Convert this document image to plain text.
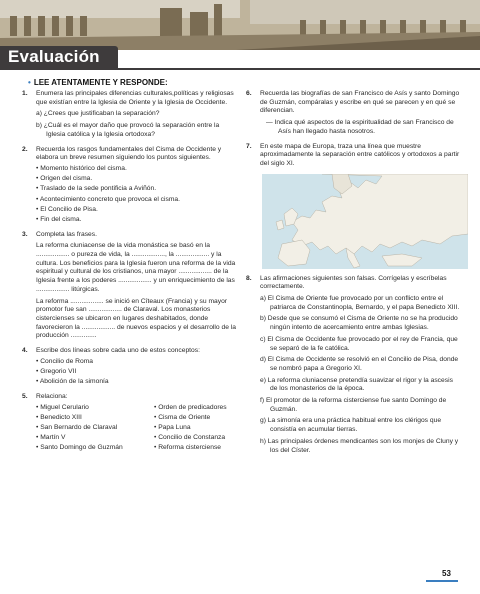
Evaluación
• LEE ATENTAMENTE Y RESPONDE:
1. Enumera las principales diferencias culturales,políticas y religiosas que existían entre la Iglesia de Oriente y la Iglesia de Occidente.
a) ¿Crees que justificaban la separación?
b) ¿Cuál es el mayor daño que provocó la separación entre la Iglesia católica y la Iglesia ortodoxa?
2. Recuerda los rasgos fundamentales del Cisma de Occidente y elabora un breve resumen siguiendo los puntos siguientes.
• Momento histórico del cisma.
• Origen del cisma.
• Traslado de la sede pontificia a Aviñón.
• Acontecimiento concreto que provoca el cisma.
• El Concilio de Pisa.
• Fin del cisma.
3. Completa las frases.
La reforma cluniacense de la vida monástica se basó en la .................. o pureza de vida, la .................., la .................. y la cultura. Los beneficios para la Iglesia fueron una reforma de la vida espiritual y cultural de los cristianos, una mayor .................. de la Iglesia frente a los poderes .................. y un enriquecimiento de las .................. litúrgicas.
La reforma .................. se inició en Cîteaux (Francia) y su mayor promotor fue san .................. de Claraval. Los monasterios cistercienses se ubicaron en lugares deshabitados, donde favorecieron la .................. de nuevos espacios y el desarrollo de la producción ..............
4. Escribe dos líneas sobre cada uno de estos conceptos:
• Concilio de Roma
• Gregorio VII
• Abolición de la simonía
5. Relaciona:
• Miguel Cerulario	• Orden de predicadores
• Benedicto XIII	• Cisma de Oriente
• San Bernardo de Claraval	• Papa Luna
• Martín V	• Concilio de Constanza
• Santo Domingo de Guzmán	• Reforma cisterciense
6. Recuerda las biografías de san Francisco de Asís y santo Domingo de Guzmán, compáralas y escribe en qué se parecen y en qué se diferencian.
— Indica qué aspectos de la espiritualidad de san Francisco de Asís han llegado hasta nosotros.
7. En este mapa de Europa, traza una línea que muestre aproximadamente la separación entre católicos y ortodoxos a partir del siglo XI.
8. Las afirmaciones siguientes son falsas. Corrígelas y escríbelas correctamente.
a) El Cisma de Oriente fue provocado por un conflicto entre el patriarca de Constantinopla, Bernardo, y el papa Benedicto XIII.
b) Desde que se consumó el Cisma de Oriente no se ha producido ningún intento de acercamiento entre ambas Iglesias.
c) El Cisma de Occidente fue provocado por el rey de Francia, que se separó de la fe católica.
d) El Cisma de Occidente se resolvió en el Concilio de Pisa, donde se nombró papa a Gregorio XI.
e) La reforma cluniacense pretendía suavizar el rigor y la ascesis de los monasterios de la época.
f) El promotor de la reforma cisterciense fue santo Domingo de Guzmán.
g) La simonía era una práctica habitual entre los clérigos que consistía en acumular tierras.
h) Las principales órdenes mendicantes son los monjes de Cluny y los del Císter.
53
